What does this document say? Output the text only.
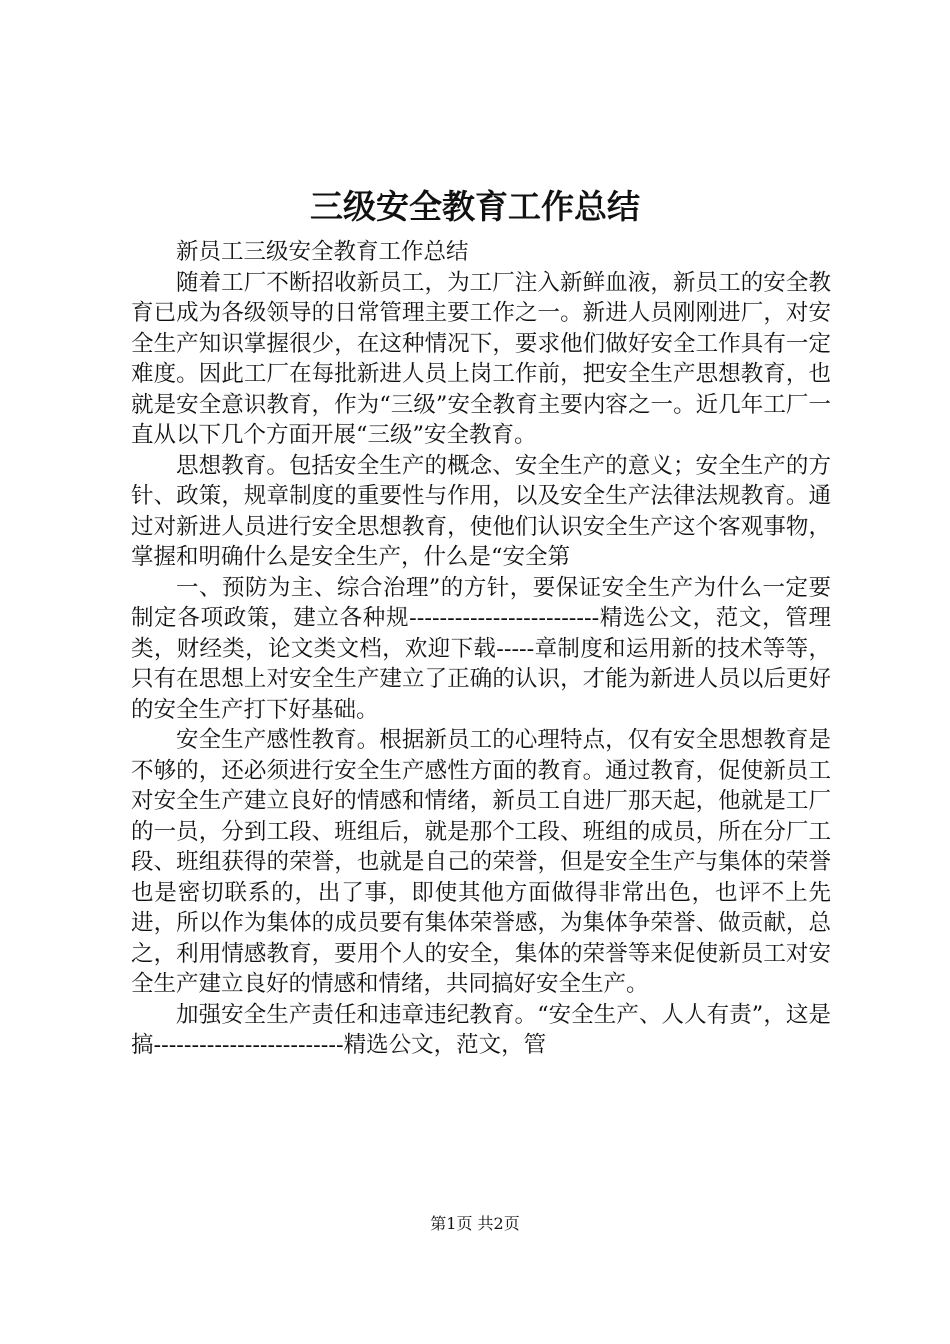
三级安全教育工作总结

新员工三级安全教育工作总结

随着工厂不断招收新员工，为工厂注入新鲜血液，新员工的安全教育已成为各级领导的日常管理主要工作之一。新进人员刚刚进厂，对安全生产知识掌握很少，在这种情况下，要求他们做好安全工作具有一定难度。因此工厂在每批新进人员上岗工作前，把安全生产思想教育，也就是安全意识教育，作为“三级”安全教育主要内容之一。近几年工厂一直从以下几个方面开展“三级”安全教育。

思想教育。包括安全生产的概念、安全生产的意义；安全生产的方针、政策，规章制度的重要性与作用，以及安全生产法律法规教育。通过对新进人员进行安全思想教育，使他们认识安全生产这个客观事物，掌握和明确什么是安全生产，什么是“安全第

一、预防为主、综合治理”的方针，要保证安全生产为什么一定要制定各项政策，建立各种规-------------------------精选公文，范文，管理类，财经类，论文类文档，欢迎下载-----章制度和运用新的技术等等，只有在思想上对安全生产建立了正确的认识，才能为新进人员以后更好的安全生产打下好基础。

安全生产感性教育。根据新员工的心理特点，仅有安全思想教育是不够的，还必须进行安全生产感性方面的教育。通过教育，促使新员工对安全生产建立良好的情感和情绪，新员工自进厂那天起，他就是工厂的一员，分到工段、班组后，就是那个工段、班组的成员，所在分厂工段、班组获得的荣誉，也就是自己的荣誉，但是安全生产与集体的荣誉也是密切联系的，出了事，即使其他方面做得非常出色，也评不上先进，所以作为集体的成员要有集体荣誉感，为集体争荣誉、做贡献，总之，利用情感教育，要用个人的安全，集体的荣誉等来促使新员工对安全生产建立良好的情感和情绪，共同搞好安全生产。

加强安全生产责任和违章违纪教育。“安全生产、人人有责”，这是搞-------------------------精选公文，范文，管

第1页 共2页
